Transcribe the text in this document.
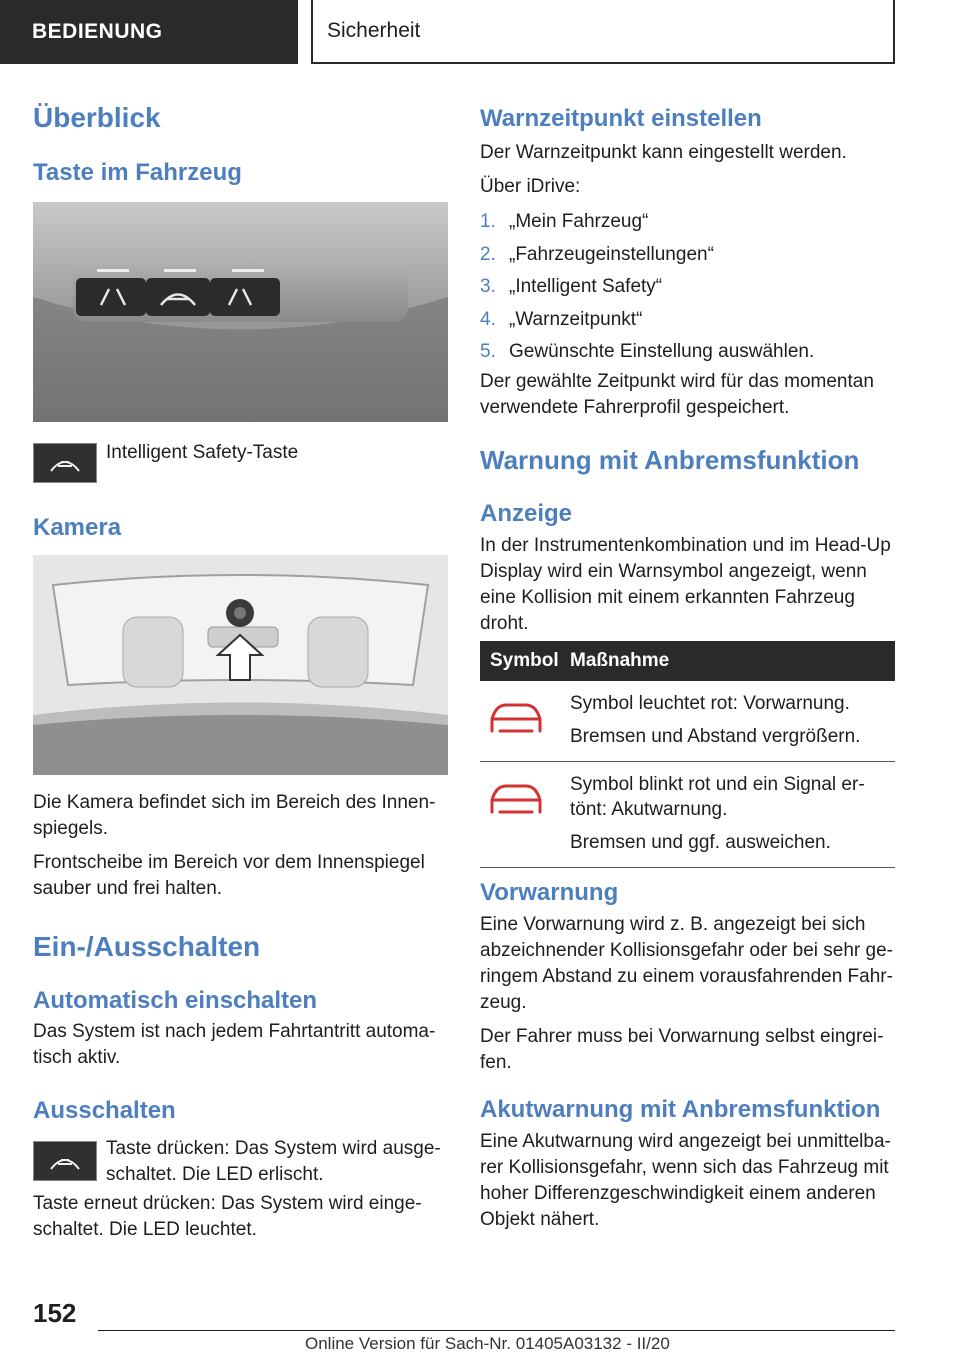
BEDIENUNG	Sicherheit
Überblick
Taste im Fahrzeug
Intelligent Safety-Taste
Kamera

Die Kamera befindet sich im Bereich des Innen-spiegels.

Frontscheibe im Bereich vor dem Innenspiegel sauber und frei halten.

Ein-/Ausschalten
Automatisch einschalten
Das System ist nach jedem Fahrtantritt automa-tisch aktiv.
Ausschalten
Taste drücken: Das System wird ausge-schaltet. Die LED erlischt.
Taste erneut drücken: Das System wird einge-schaltet. Die LED leuchtet.
Warnzeitpunkt einstellen

Der Warnzeitpunkt kann eingestellt werden.

Über iDrive:

1. „Mein Fahrzeug“
2. „Fahrzeugeinstellungen“
3. „Intelligent Safety“
4. „Warnzeitpunkt“
5. Gewünschte Einstellung auswählen.
Der gewählte Zeitpunkt wird für das momentan verwendete Fahrerprofil gespeichert.
Warnung mit Anbremsfunktion
Anzeige
In der Instrumentenkombination und im Head-Up Display wird ein Warnsymbol angezeigt, wenn eine Kollision mit einem erkannten Fahrzeug droht.
Symbol	Maßnahme

Symbol leuchtet rot: Vorwarnung.

Bremsen und Abstand vergrößern.

Symbol blinkt rot und ein Signal er-tönt: Akutwarnung.

Bremsen und ggf. ausweichen.

Vorwarnung

Eine Vorwarnung wird z. B. angezeigt bei sich abzeichnender Kollisionsgefahr oder bei sehr ge-ringem Abstand zu einem vorausfahrenden Fahr-zeug.

Der Fahrer muss bei Vorwarnung selbst eingrei-fen.

Akutwarnung mit Anbremsfunktion
Eine Akutwarnung wird angezeigt bei unmittelba-rer Kollisionsgefahr, wenn sich das Fahrzeug mit hoher Differenzgeschwindigkeit einem anderen Objekt nähert.
152
Online Version für Sach-Nr. 01405A03132 - II/20
